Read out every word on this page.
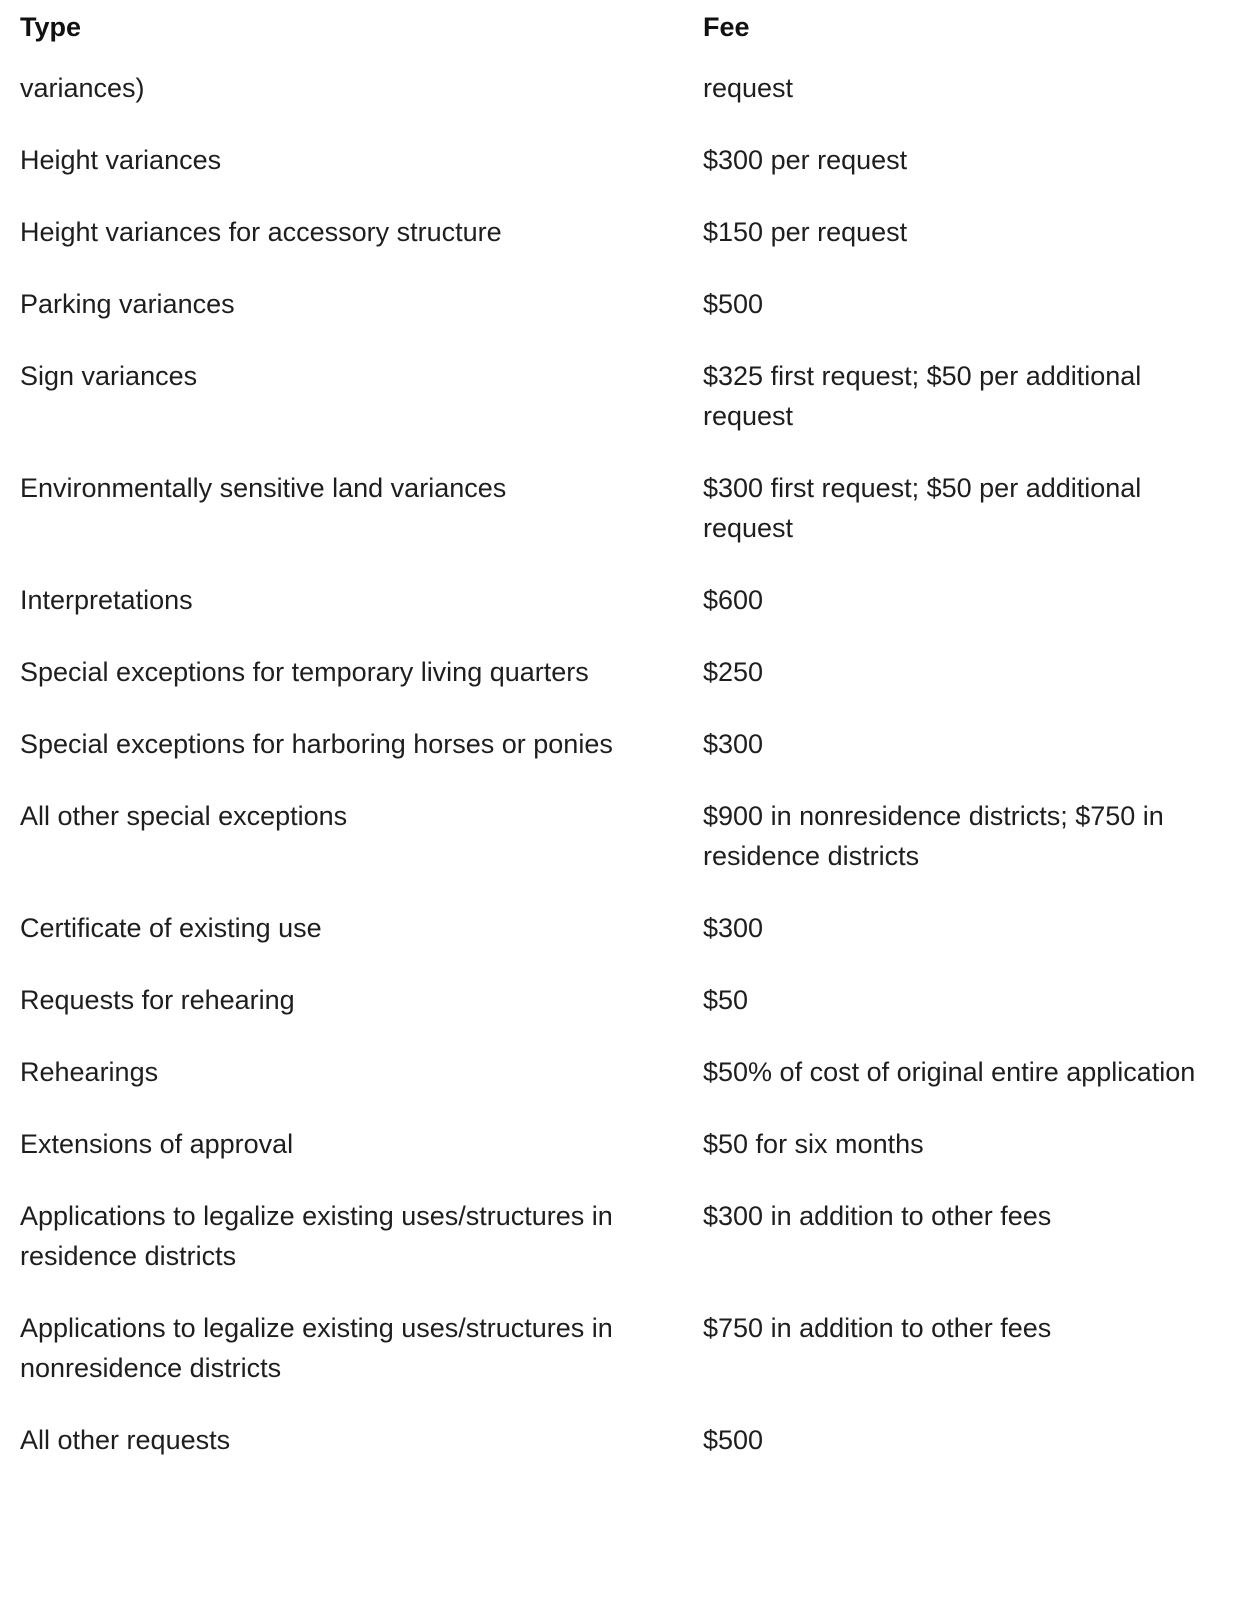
Type	Fee
variances)	request
Height variances	$300 per request
Height variances for accessory structure	$150 per request
Parking variances	$500
Sign variances	$325 first request; $50 per additional request
Environmentally sensitive land variances	$300 first request; $50 per additional request
Interpretations	$600
Special exceptions for temporary living quarters	$250
Special exceptions for harboring horses or ponies	$300
All other special exceptions	$900 in nonresidence districts; $750 in residence districts
Certificate of existing use	$300
Requests for rehearing	$50
Rehearings	$50% of cost of original entire application
Extensions of approval	$50 for six months
Applications to legalize existing uses/structures in residence districts	$300 in addition to other fees
Applications to legalize existing uses/structures in nonresidence districts	$750 in addition to other fees
All other requests	$500
